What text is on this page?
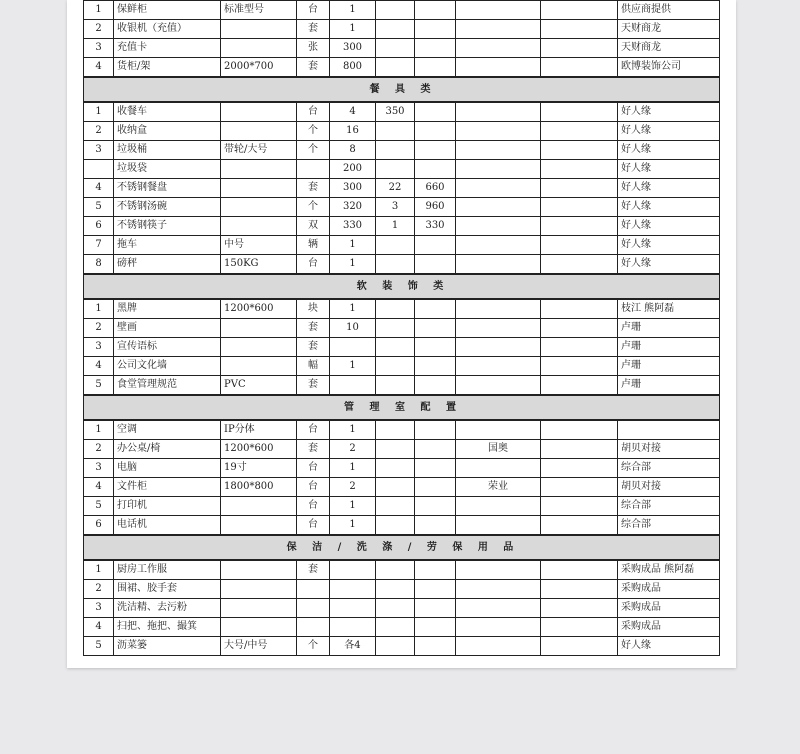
1	保鲜柜	标准型号	台	1					供应商提供
2	收银机（充值）		套	1					天财商龙
3	充值卡		张	300					天财商龙
4	货柜/架	2000*700	套	800					欧博装饰公司
餐 具 类									
1	收餐车		台	4	350				好人缘
2	收纳盒		个	16					好人缘
3	垃圾桶	带轮/大号	个	8					好人缘
	垃圾袋			200					好人缘
4	不锈钢餐盘		套	300	22	660			好人缘
5	不锈钢汤碗		个	320	3	960			好人缘
6	不锈钢筷子		双	330	1	330			好人缘
7	拖车	中号	辆	1					好人缘
8	磅秤	150KG	台	1					好人缘
软 装 饰 类									
1	黑牌	1200*600	块	1					枝江 熊阿磊
2	壁画		套	10					卢珊
3	宣传语标		套						卢珊
4	公司文化墙		幅	1					卢珊
5	食堂管理规范	PVC	套						卢珊
管 理 室 配 置									
1	空调	IP分体	台	1					
2	办公桌/椅	1200*600	套	2			国奥		胡贝对接
3	电脑	19寸	台	1					综合部
4	文件柜	1800*800	台	2			荣业		胡贝对接
5	打印机		台	1					综合部
6	电话机		台	1					综合部
保 洁 / 洗 涤 / 劳 保 用 品									
1	厨房工作服		套						采购成品 熊阿磊
2	围裙、胶手套								采购成品
3	洗洁精、去污粉								采购成品
4	扫把、拖把、撮箕								采购成品
5	沥菜篓	大号/中号	个	各4					好人缘
